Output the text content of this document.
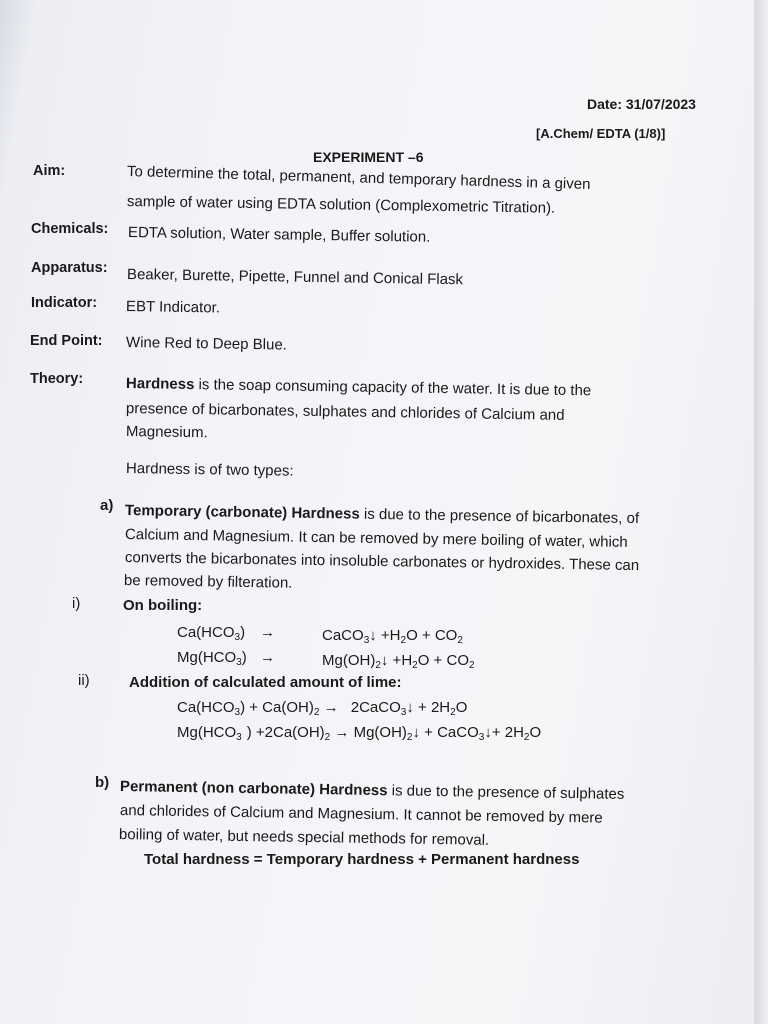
Date: 31/07/2023
[A.Chem/ EDTA (1/8)]
EXPERIMENT –6
Aim:	To determine the total, permanent, and temporary hardness in a given
sample of water using EDTA solution (Complexometric Titration).
Chemicals: EDTA solution, Water sample, Buffer solution.
Apparatus: Beaker, Burette, Pipette, Funnel and Conical Flask
Indicator: EBT Indicator.
End Point: Wine Red to Deep Blue.
Theory:	Hardness is the soap consuming capacity of the water. It is due to the
presence of bicarbonates, sulphates and chlorides of Calcium and
Magnesium.
Hardness is of two types:
a) Temporary (carbonate) Hardness is due to the presence of bicarbonates, of
Calcium and Magnesium. It can be removed by mere boiling of water, which
converts the bicarbonates into insoluble carbonates or hydroxides. These can
be removed by filteration.
i)	On boiling:
$Ca(HCO_3)$ →	CaCO$_3$↓ $+H_2O + CO_2$
$Mg(HCO_3)$ →	$Mg(OH)_2↓ +H_2O + CO_2$
ii)	Addition of calculated amount of lime:
$Ca(HCO_3) + Ca(OH)_2$ → 2CaCO$_3$↓ + $2H_2O$
$Mg(HCO_3$ ) $+2Ca(OH)_2$ → $Mg(OH)_2↓$ + CaCO$_3$↓+ $2H_2O$
b) Permanent (non carbonate) Hardness is due to the presence of sulphates
and chlorides of Calcium and Magnesium. It cannot be removed by mere
boiling of water, but needs special methods for removal.
Total hardness = Temporary hardness + Permanent hardness
